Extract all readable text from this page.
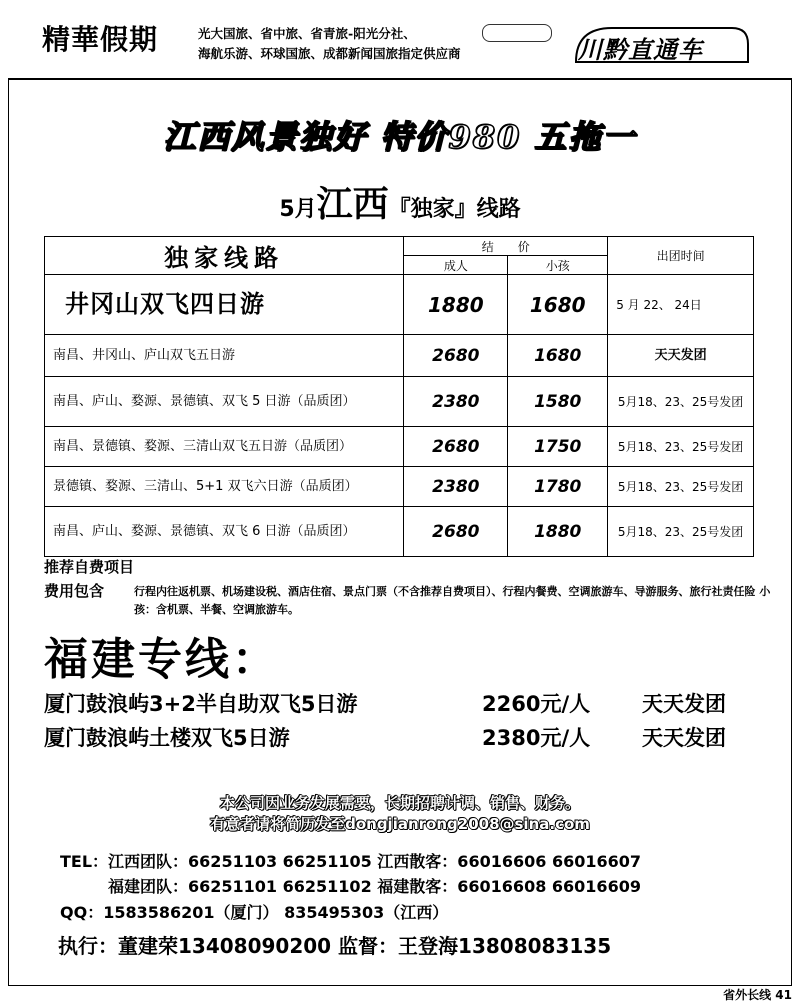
精華假期	光大国旅、省中旅、省青旅-阳光分社、
海航乐游、环球国旅、成都新闻国旅指定供应商	川黔直通车
江西风景独好 特价980 五拖一
5月江西『独家』线路
独家线路	结　　价		出团时间
	成人	小孩	
井冈山双飞四日游	1880	1680	5 月 22、 24日
南昌、井冈山、庐山双飞五日游	2680	1680	天天发团
南昌、庐山、婺源、景德镇、双飞 5 日游（品质团）	2380	1580	5月18、23、25号发团
南昌、景德镇、婺源、三清山双飞五日游（品质团）	2680	1750	5月18、23、25号发团
景德镇、婺源、三清山、5+1 双飞六日游（品质团）	2380	1780	5月18、23、25号发团
南昌、庐山、婺源、景德镇、双飞 6 日游（品质团）	2680	1880	5月18、23、25号发团
推荐自费项目
费用包含	行程内往返机票、机场建设税、酒店住宿、景点门票（不含推荐自费项目）、行程内餐费、空调旅游车、导游服务、旅行社责任险 小孩：含机票、半餐、空调旅游车。
福建专线：
厦门鼓浪屿3+2半自助双飞5日游	2260元/人 天天发团
厦门鼓浪屿土楼双飞5日游	2380元/人 天天发团
本公司因业务发展需要，长期招聘计调、销售、财务。
有意者请将简历发至dongjianrong2008@sina.com
TEL：江西团队：66251103 66251105 江西散客：66016606 66016607
　　　福建团队：66251101 66251102 福建散客：66016608 66016609
QQ：1583586201（厦门） 835495303（江西）
执行：董建荣13408090200 监督：王登海13808083135
省外长线 41
